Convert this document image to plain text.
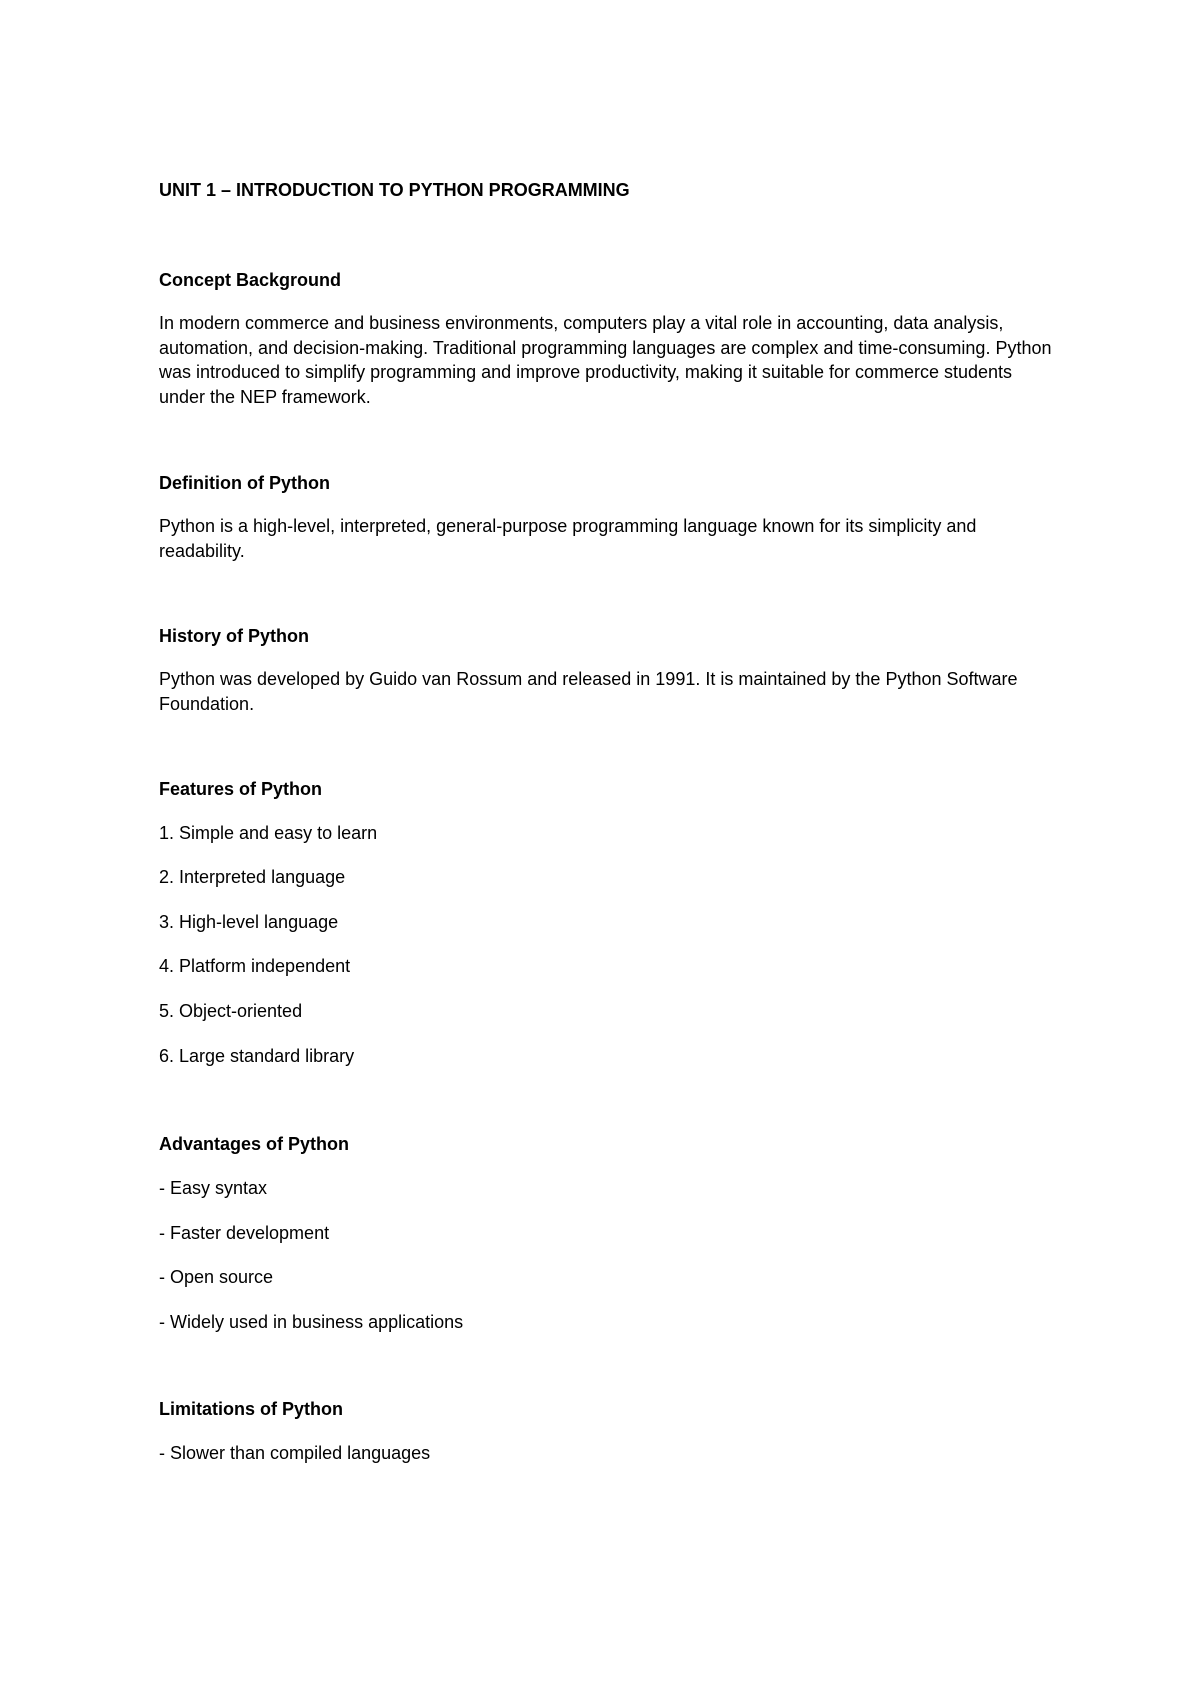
UNIT 1 – INTRODUCTION TO PYTHON PROGRAMMING
Concept Background
In modern commerce and business environments, computers play a vital role in accounting, data analysis, automation, and decision-making. Traditional programming languages are complex and time-consuming. Python was introduced to simplify programming and improve productivity, making it suitable for commerce students under the NEP framework.
Definition of Python
Python is a high-level, interpreted, general-purpose programming language known for its simplicity and readability.
History of Python
Python was developed by Guido van Rossum and released in 1991. It is maintained by the Python Software Foundation.
Features of Python
1. Simple and easy to learn
2. Interpreted language
3. High-level language
4. Platform independent
5. Object-oriented
6. Large standard library
Advantages of Python
- Easy syntax
- Faster development
- Open source
- Widely used in business applications
Limitations of Python
- Slower than compiled languages
